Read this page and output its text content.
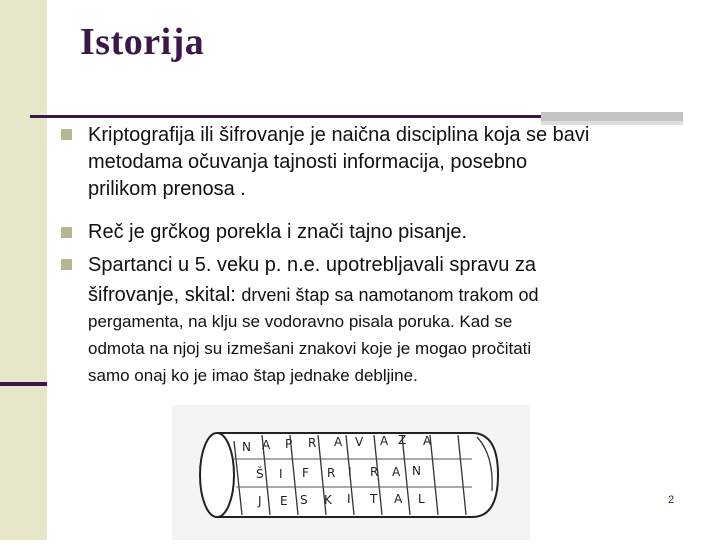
Istorija
Kriptografija ili šifrovanje je naična disciplina koja se bavi
metodama očuvanja tajnosti informacija, posebno
prilikom prenosa .
Reč je grčkog porekla i znači tajno pisanje.
Spartanci u 5. veku p. n.e. upotrebljavali spravu za
šifrovanje, skital: drveni štap sa namotanom trakom od
pergamenta, na klju se vodoravno pisala poruka. Kad se
odmota na njoj su izmešani znakovi koje je mogao pročitati
samo onaj ko je imao štap jednake debljine.
N A P R A V A Z A
Š I F R I R A N
J E S K I T A L	2
